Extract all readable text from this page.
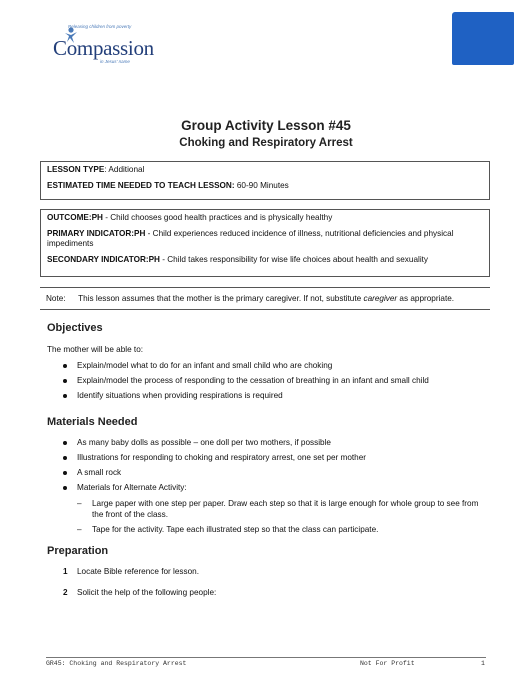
Releasing children from poverty
Compassion
in Jesus' name
Group Activity Lesson #45
Choking and Respiratory Arrest

LESSON TYPE: Additional

ESTIMATED TIME NEEDED TO TEACH LESSON: 60-90 Minutes

OUTCOME:PH - Child chooses good health practices and is physically healthy

PRIMARY INDICATOR:PH - Child experiences reduced incidence of illness, nutritional deficiencies and physical impediments

SECONDARY INDICATOR:PH - Child takes responsibility for wise life choices about health and sexuality

Note: This lesson assumes that the mother is the primary caregiver. If not, substitute caregiver as appropriate.
Objectives
The mother will be able to:
Explain/model what to do for an infant and small child who are choking
Explain/model the process of responding to the cessation of breathing in an infant and small child
Identify situations when providing respirations is required
Materials Needed
As many baby dolls as possible – one doll per two mothers, if possible
Illustrations for responding to choking and respiratory arrest, one set per mother
A small rock
Materials for Alternate Activity:
– Large paper with one step per paper. Draw each step so that it is large enough for whole group to see from the front of the class.
– Tape for the activity. Tape each illustrated step so that the class can participate.
Preparation
1 Locate Bible reference for lesson.
2 Solicit the help of the following people:
GR45: Choking and Respiratory Arrest	Not For Profit	1
